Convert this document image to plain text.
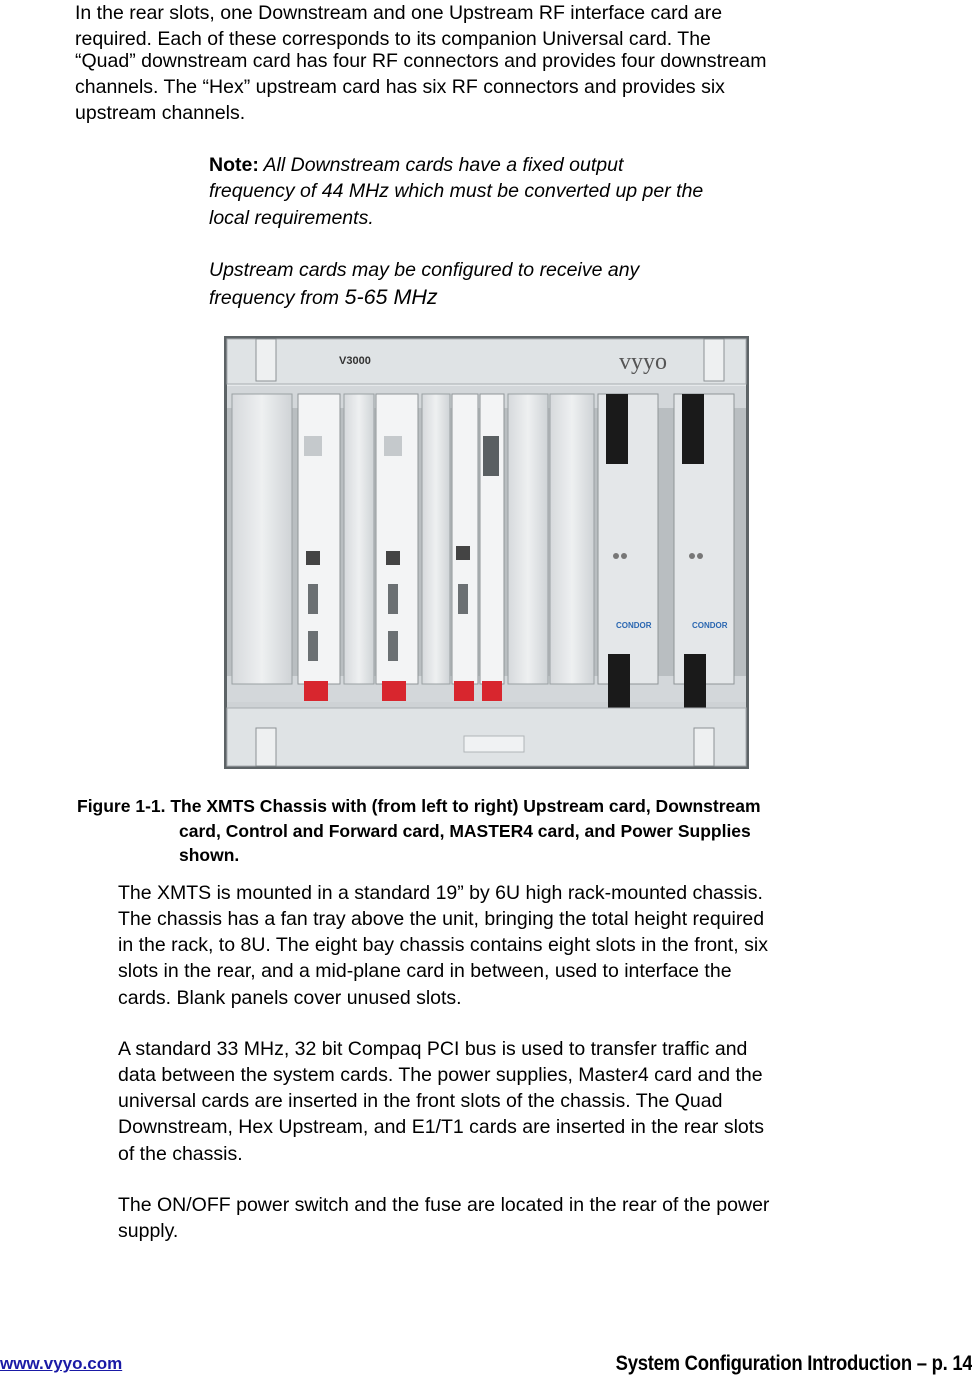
In the rear slots, one Downstream and one Upstream RF interface card are
required. Each of these corresponds to its companion Universal card. The
“Quad” downstream card has four RF connectors and provides four downstream
channels. The “Hex” upstream card has six RF connectors and provides six
upstream channels.
Note: All Downstream cards have a fixed output
frequency of 44 MHz which must be converted up per the
local requirements.
Upstream cards may be configured to receive any
frequency from 5-65 MHz
V3000	vyyo
CONDOR	CONDOR
Figure 1-1. The XMTS Chassis with (from left to right) Upstream card, Downstream
card, Control and Forward card, MASTER4 card, and Power Supplies
shown.
The XMTS is mounted in a standard 19” by 6U high rack-mounted chassis.
The chassis has a fan tray above the unit, bringing the total height required
in the rack, to 8U. The eight bay chassis contains eight slots in the front, six
slots in the rear, and a mid-plane card in between, used to interface the
cards. Blank panels cover unused slots.
A standard 33 MHz, 32 bit Compaq PCI bus is used to transfer traffic and
data between the system cards. The power supplies, Master4 card and the
universal cards are inserted in the front slots of the chassis. The Quad
Downstream, Hex Upstream, and E1/T1 cards are inserted in the rear slots
of the chassis.
The ON/OFF power switch and the fuse are located in the rear of the power
supply.
www.vyyo.com	System Configuration Introduction – p. 14
